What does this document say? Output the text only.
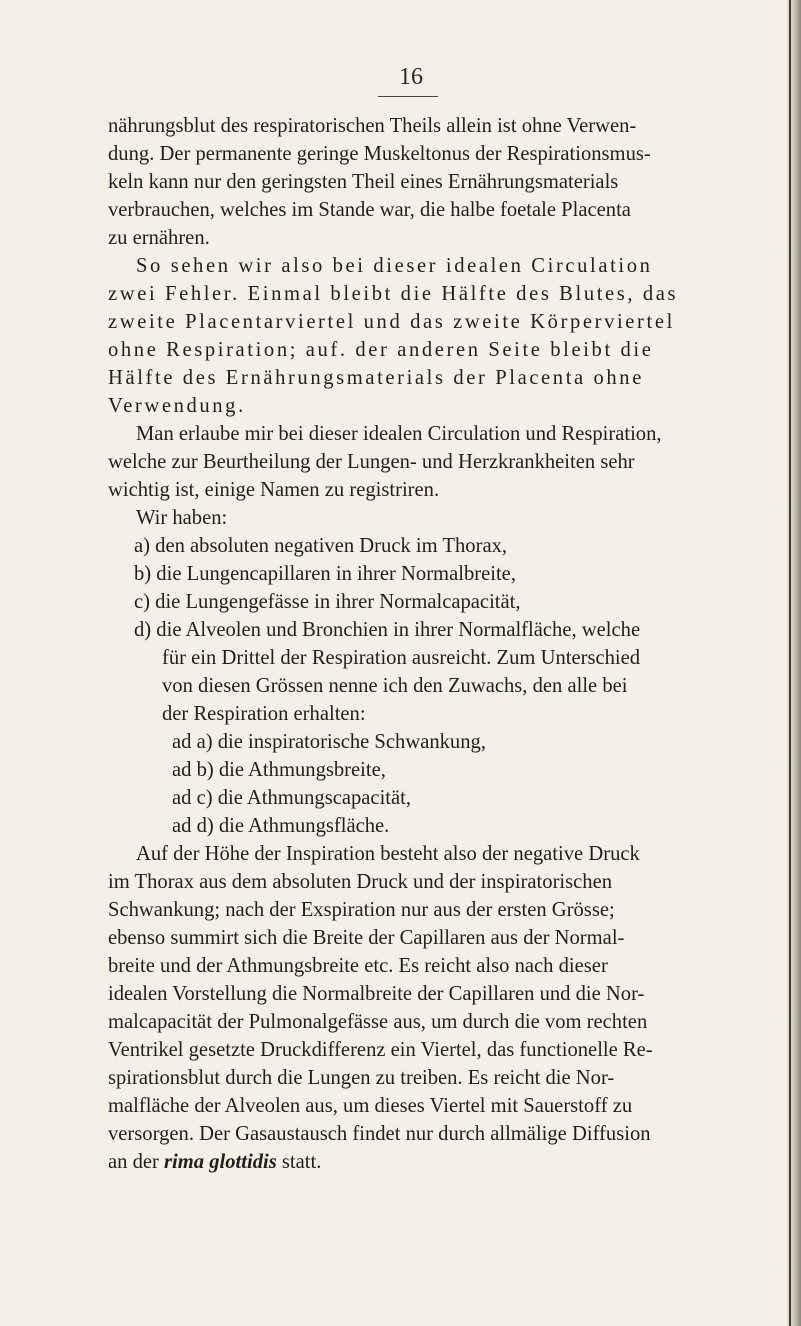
16
nährungsblut des respiratorischen Theils allein ist ohne Verwen-
dung. Der permanente geringe Muskeltonus der Respirationsmus-
keln kann nur den geringsten Theil eines Ernährungsmaterials
verbrauchen, welches im Stande war, die halbe foetale Placenta
zu ernähren.
So sehen wir also bei dieser idealen Circulation
zwei Fehler. Einmal bleibt die Hälfte des Blutes, das
zweite Placentarviertel und das zweite Körperviertel
ohne Respiration; auf. der anderen Seite bleibt die
Hälfte des Ernährungsmaterials der Placenta ohne
Verwendung.
Man erlaube mir bei dieser idealen Circulation und Respiration,
welche zur Beurtheilung der Lungen- und Herzkrankheiten sehr
wichtig ist, einige Namen zu registriren.
Wir haben:
a) den absoluten negativen Druck im Thorax,
b) die Lungencapillaren in ihrer Normalbreite,
c) die Lungengefässe in ihrer Normalcapacität,
d) die Alveolen und Bronchien in ihrer Normalfläche, welche
für ein Drittel der Respiration ausreicht. Zum Unterschied
von diesen Grössen nenne ich den Zuwachs, den alle bei
der Respiration erhalten:
ad a) die inspiratorische Schwankung,
ad b) die Athmungsbreite,
ad c) die Athmungscapacität,
ad d) die Athmungsfläche.
Auf der Höhe der Inspiration besteht also der negative Druck
im Thorax aus dem absoluten Druck und der inspiratorischen
Schwankung; nach der Exspiration nur aus der ersten Grösse;
ebenso summirt sich die Breite der Capillaren aus der Normal-
breite und der Athmungsbreite etc. Es reicht also nach dieser
idealen Vorstellung die Normalbreite der Capillaren und die Nor-
malcapacität der Pulmonalgefässe aus, um durch die vom rechten
Ventrikel gesetzte Druckdifferenz ein Viertel, das functionelle Re-
spirationsblut durch die Lungen zu treiben. Es reicht die Nor-
malfläche der Alveolen aus, um dieses Viertel mit Sauerstoff zu
versorgen. Der Gasaustausch findet nur durch allmälige Diffusion
an der rima glottidis statt.
